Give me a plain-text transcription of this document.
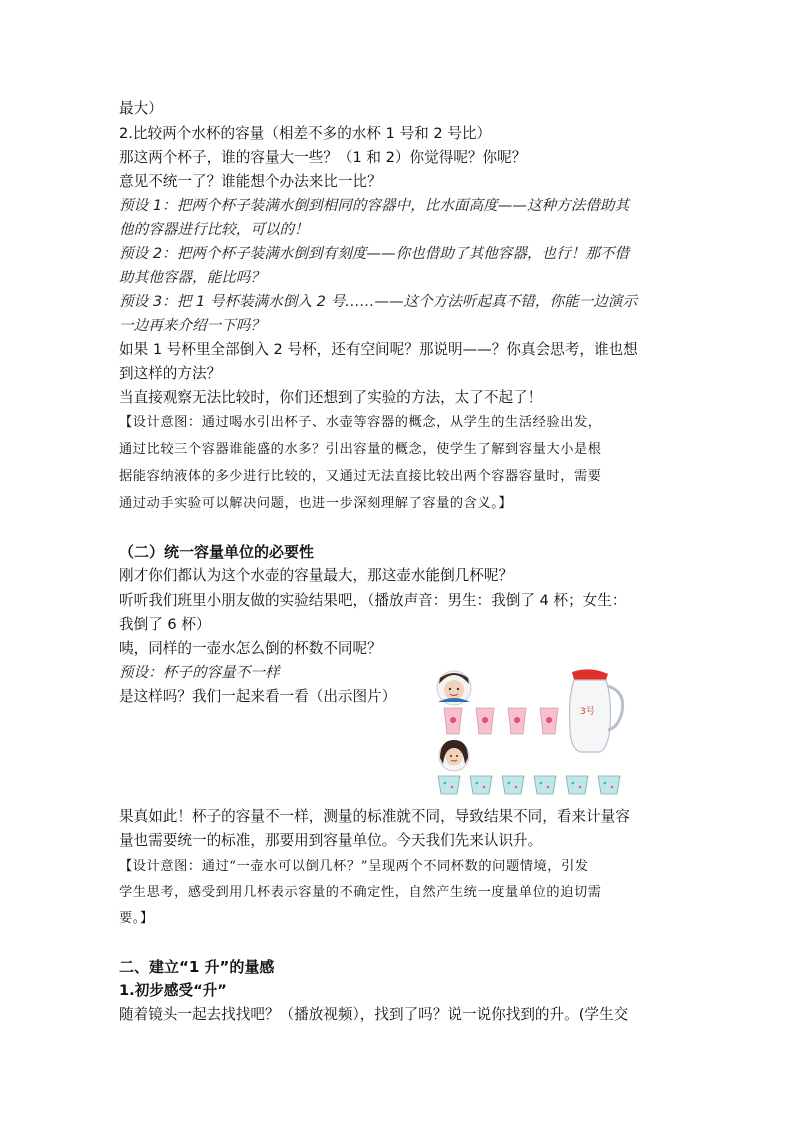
最大）
2.比较两个水杯的容量（相差不多的水杯 1 号和 2 号比）
那这两个杯子，谁的容量大一些？（1 和 2）你觉得呢？你呢？
意见不统一了？谁能想个办法来比一比？
预设 1：把两个杯子装满水倒到相同的容器中，比水面高度——这种方法借助其
他的容器进行比较，可以的！
预设 2：把两个杯子装满水倒到有刻度——你也借助了其他容器，也行！那不借
助其他容器，能比吗？
预设 3：把 1 号杯装满水倒入 2 号……——这个方法听起真不错，你能一边演示
一边再来介绍一下吗？
如果 1 号杯里全部倒入 2 号杯，还有空间呢？那说明——？你真会思考，谁也想
到这样的方法？
当直接观察无法比较时，你们还想到了实验的方法，太了不起了！
【设计意图：通过喝水引出杯子、水壶等容器的概念，从学生的生活经验出发，
通过比较三个容器谁能盛的水多？引出容量的概念，使学生了解到容量大小是根
据能容纳液体的多少进行比较的，又通过无法直接比较出两个容器容量时，需要
通过动手实验可以解决问题，也进一步深刻理解了容量的含义。】
（二）统一容量单位的必要性
刚才你们都认为这个水壶的容量最大，那这壶水能倒几杯呢？
听听我们班里小朋友做的实验结果吧，（播放声音：男生：我倒了 4 杯；女生：
我倒了 6 杯）
咦，同样的一壶水怎么倒的杯数不同呢？
预设：杯子的容量不一样
是这样吗？我们一起来看一看（出示图片）
3号
果真如此！杯子的容量不一样，测量的标准就不同，导致结果不同，看来计量容
量也需要统一的标准，那要用到容量单位。今天我们先来认识升。
【设计意图：通过“一壶水可以倒几杯？”呈现两个不同杯数的问题情境，引发
学生思考，感受到用几杯表示容量的不确定性，自然产生统一度量单位的迫切需
要。】
二、建立“1 升”的量感
1.初步感受“升”
随着镜头一起去找找吧？（播放视频），找到了吗？说一说你找到的升。(学生交
